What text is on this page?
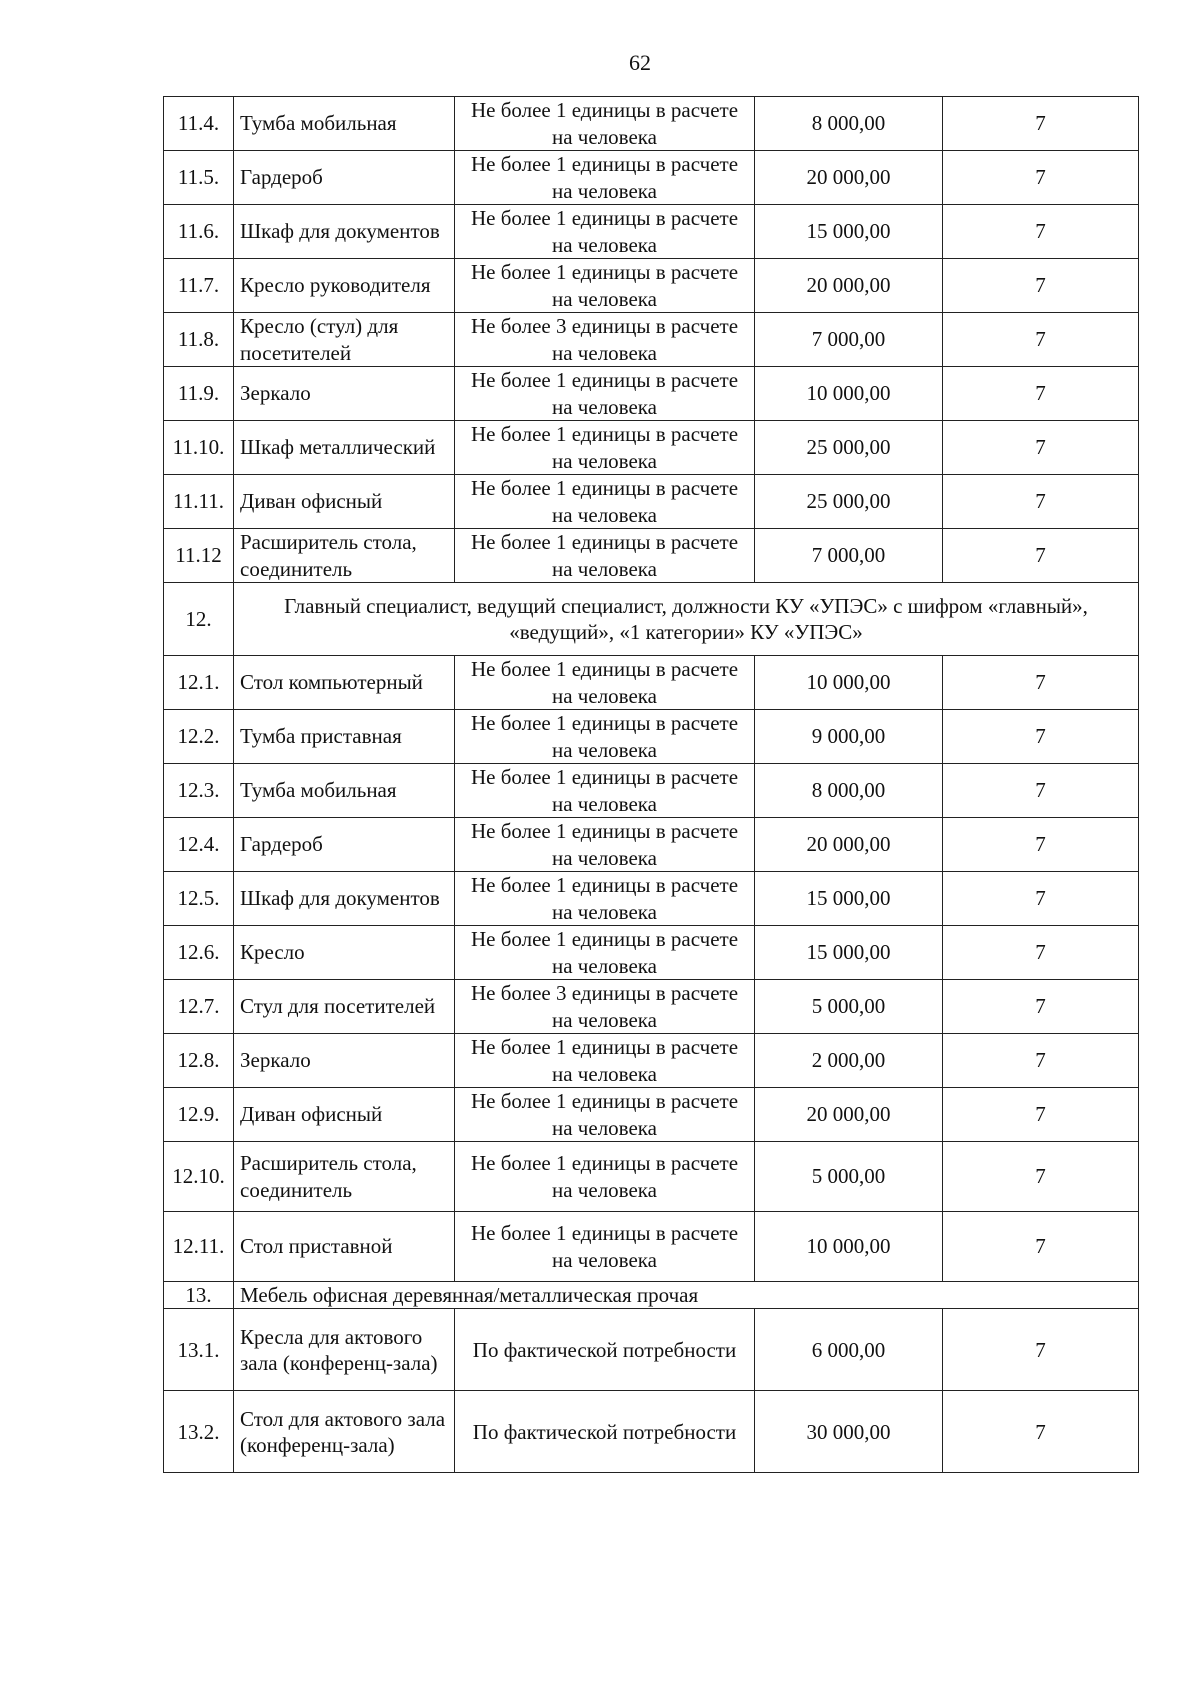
62
11.4.	Тумба мобильная	Не более 1 единицы в расчете на человека	8 000,00	7
11.5.	Гардероб	Не более 1 единицы в расчете на человека	20 000,00	7
11.6.	Шкаф для документов	Не более 1 единицы в расчете на человека	15 000,00	7
11.7.	Кресло руководителя	Не более 1 единицы в расчете на человека	20 000,00	7
11.8.	Кресло (стул) для посетителей	Не более 3 единицы в расчете на человека	7 000,00	7
11.9.	Зеркало	Не более 1 единицы в расчете на человека	10 000,00	7
11.10.	Шкаф металлический	Не более 1 единицы в расчете на человека	25 000,00	7
11.11.	Диван офисный	Не более 1 единицы в расчете на человека	25 000,00	7
11.12	Расширитель стола, соединитель	Не более 1 единицы в расчете на человека	7 000,00	7
12.	Главный специалист, ведущий специалист, должности КУ «УПЭС» с шифром «главный», «ведущий», «1 категории» КУ «УПЭС»			
12.1.	Стол компьютерный	Не более 1 единицы в расчете на человека	10 000,00	7
12.2.	Тумба приставная	Не более 1 единицы в расчете на человека	9 000,00	7
12.3.	Тумба мобильная	Не более 1 единицы в расчете на человека	8 000,00	7
12.4.	Гардероб	Не более 1 единицы в расчете на человека	20 000,00	7
12.5.	Шкаф для документов	Не более 1 единицы в расчете на человека	15 000,00	7
12.6.	Кресло	Не более 1 единицы в расчете на человека	15 000,00	7
12.7.	Стул для посетителей	Не более 3 единицы в расчете на человека	5 000,00	7
12.8.	Зеркало	Не более 1 единицы в расчете на человека	2 000,00	7
12.9.	Диван офисный	Не более 1 единицы в расчете на человека	20 000,00	7
12.10.	Расширитель стола, соединитель	Не более 1 единицы в расчете на человека	5 000,00	7
12.11.	Стол приставной	Не более 1 единицы в расчете на человека	10 000,00	7
13.	Мебель офисная деревянная/металлическая прочая			
13.1.	Кресла для актового зала (конференц-зала)	По фактической потребности	6 000,00	7
13.2.	Стол для актового зала (конференц-зала)	По фактической потребности	30 000,00	7
